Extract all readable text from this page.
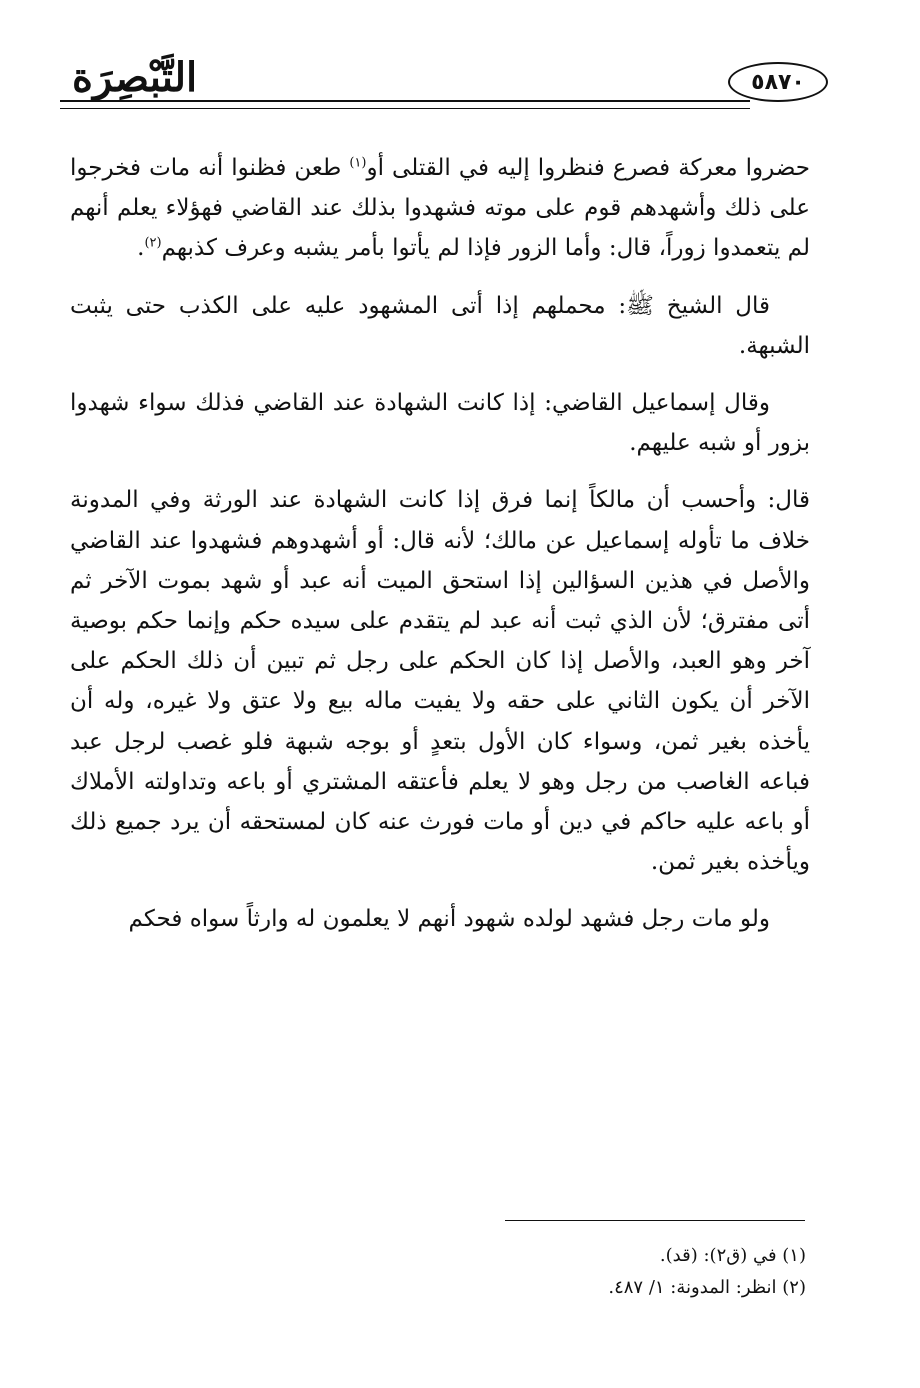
التَّبْصِرَة	٥٨٧٠

حضروا معركة فصرع فنظروا إليه في القتلى أو$^{(١)}$ طعن فظنوا أنه مات فخرجوا على ذلك وأشهدهم قوم على موته فشهدوا بذلك عند القاضي فهؤلاء يعلم أنهم لم يتعمدوا زوراً، قال: وأما الزور فإذا لم يأتوا بأمر يشبه وعرف كذبهم$^{(٢)}$.

قال الشيخ ﷺ: محملهم إذا أتى المشهود عليه على الكذب حتى يثبت الشبهة.

وقال إسماعيل القاضي: إذا كانت الشهادة عند القاضي فذلك سواء شهدوا بزور أو شبه عليهم.

قال: وأحسب أن مالكاً إنما فرق إذا كانت الشهادة عند الورثة وفي المدونة خلاف ما تأوله إسماعيل عن مالك؛ لأنه قال: أو أشهدوهم فشهدوا عند القاضي والأصل في هذين السؤالين إذا استحق الميت أنه عبد أو شهد بموت الآخر ثم أتى مفترق؛ لأن الذي ثبت أنه عبد لم يتقدم على سيده حكم وإنما حكم بوصية آخر وهو العبد، والأصل إذا كان الحكم على رجل ثم تبين أن ذلك الحكم على الآخر أن يكون الثاني على حقه ولا يفيت ماله بيع ولا عتق ولا غيره، وله أن يأخذه بغير ثمن، وسواء كان الأول بتعدٍ أو بوجه شبهة فلو غصب لرجل عبد فباعه الغاصب من رجل وهو لا يعلم فأعتقه المشتري أو باعه وتداولته الأملاك أو باعه عليه حاكم في دين أو مات فورث عنه كان لمستحقه أن يرد جميع ذلك ويأخذه بغير ثمن.

ولو مات رجل فشهد لولده شهود أنهم لا يعلمون له وارثاً سواه فحكم

(١) في (ق٢): (قد).
(٢) انظر: المدونة: ١/ ٤٨٧.
